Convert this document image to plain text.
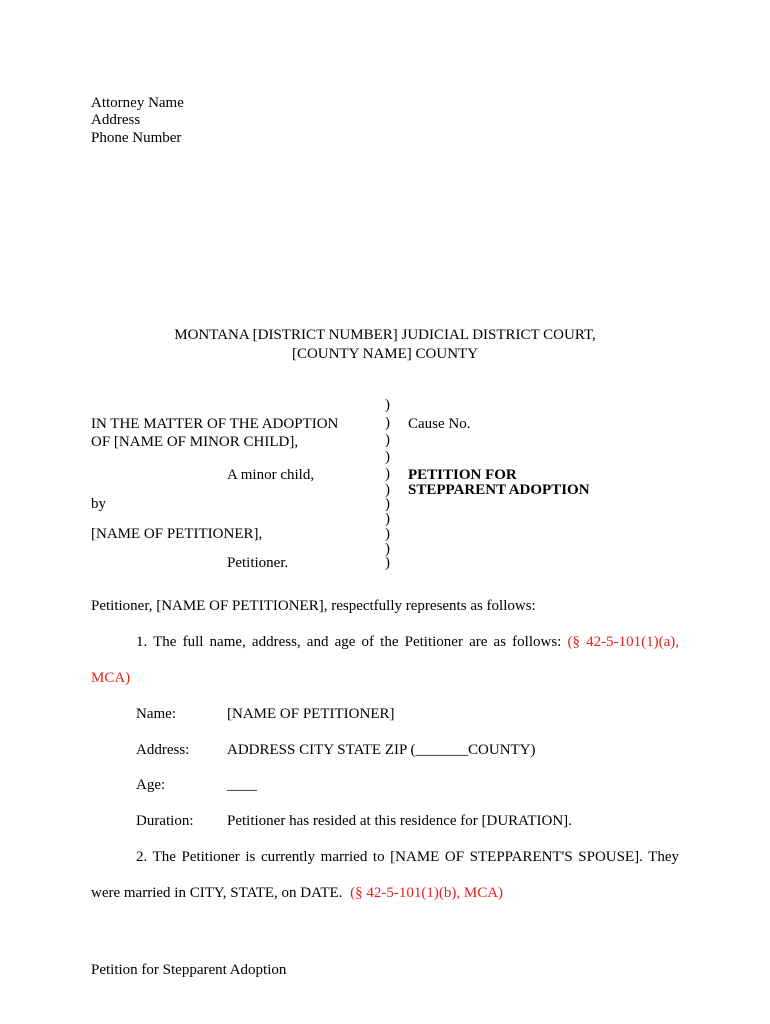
Attorney Name
Address
Phone Number
MONTANA [DISTRICT NUMBER] JUDICIAL DISTRICT COURT,
[COUNTY NAME] COUNTY
IN THE MATTER OF THE ADOPTION
OF [NAME OF MINOR CHILD],
A minor child,
by
[NAME OF PETITIONER],
Petitioner.
)
)
)
)
)
)
)
)
)
)
)
Cause No.
PETITION FOR
STEPPARENT ADOPTION
Petitioner, [NAME OF PETITIONER], respectfully represents as follows:
1. The full name, address, and age of the Petitioner are as follows: (§ 42-5-101(1)(a),
MCA)
Name:	[NAME OF PETITIONER]
Address:	ADDRESS CITY STATE ZIP (_______COUNTY)
Age:	____
Duration: Petitioner has resided at this residence for [DURATION].
2. The Petitioner is currently married to [NAME OF STEPPARENT'S SPOUSE]. They
were married in CITY, STATE, on DATE. (§ 42-5-101(1)(b), MCA)
Petition for Stepparent Adoption
